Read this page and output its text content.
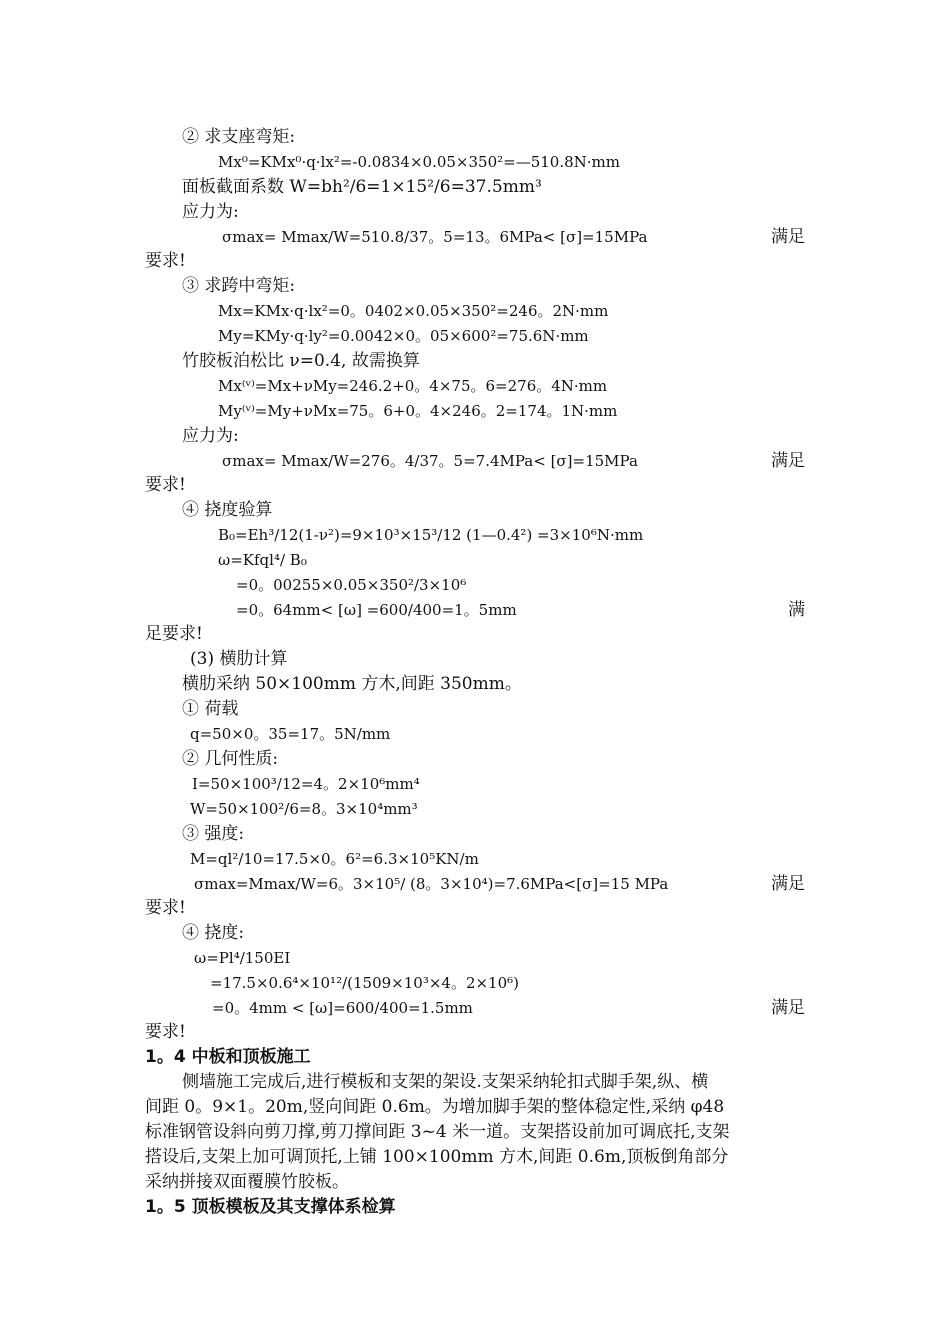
② 求支座弯矩:
Mx⁰=KMx⁰·q·lx²=-0.0834×0.05×350²=—510.8N·mm
面板截面系数 W=bh²/6=1×15²/6=37.5mm³
应力为:
σmax= Mmax/W=510.8/37。5=13。6MPa< [σ]=15MPa	满足
要求!
③ 求跨中弯矩:
Mx=KMx·q·lx²=0。0402×0.05×350²=246。2N·mm
My=KMy·q·ly²=0.0042×0。05×600²=75.6N·mm
竹胶板泊松比 ν=0.4, 故需换算
Mx⁽ᵛ⁾=Mx+νMy=246.2+0。4×75。6=276。4N·mm
My⁽ᵛ⁾=My+νMx=75。6+0。4×246。2=174。1N·mm
应力为:
σmax= Mmax/W=276。4/37。5=7.4MPa< [σ]=15MPa	满足
要求!
④ 挠度验算
B₀=Eh³/12(1-ν²)=9×10³×15³/12 (1—0.4²) =3×10⁶N·mm
ω=Kfql⁴/ B₀
=0。00255×0.05×350²/3×10⁶
=0。64mm< [ω] =600/400=1。5mm	满
足要求!
(3) 横肋计算
横肋采纳 50×100mm 方木,间距 350mm。
① 荷载
q=50×0。35=17。5N/mm
② 几何性质:
I=50×100³/12=4。2×10⁶mm⁴
W=50×100²/6=8。3×10⁴mm³
③ 强度:
M=ql²/10=17.5×0。6²=6.3×10⁵KN/m
σmax=Mmax/W=6。3×10⁵/ (8。3×10⁴)=7.6MPa<[σ]=15 MPa	满足
要求!
④ 挠度:
ω=Pl⁴/150EI
=17.5×0.6⁴×10¹²/(1509×10³×4。2×10⁶)
=0。4mm < [ω]=600/400=1.5mm	满足
要求!
1。4 中板和顶板施工
侧墙施工完成后,进行模板和支架的架设.支架采纳轮扣式脚手架,纵、横
间距 0。9×1。20m,竖向间距 0.6m。为增加脚手架的整体稳定性,采纳 φ48
标准钢管设斜向剪刀撑,剪刀撑间距 3~4 米一道。支架搭设前加可调底托,支架
搭设后,支架上加可调顶托,上铺 100×100mm 方木,间距 0.6m,顶板倒角部分
采纳拼接双面覆膜竹胶板。
1。5 顶板模板及其支撑体系检算
